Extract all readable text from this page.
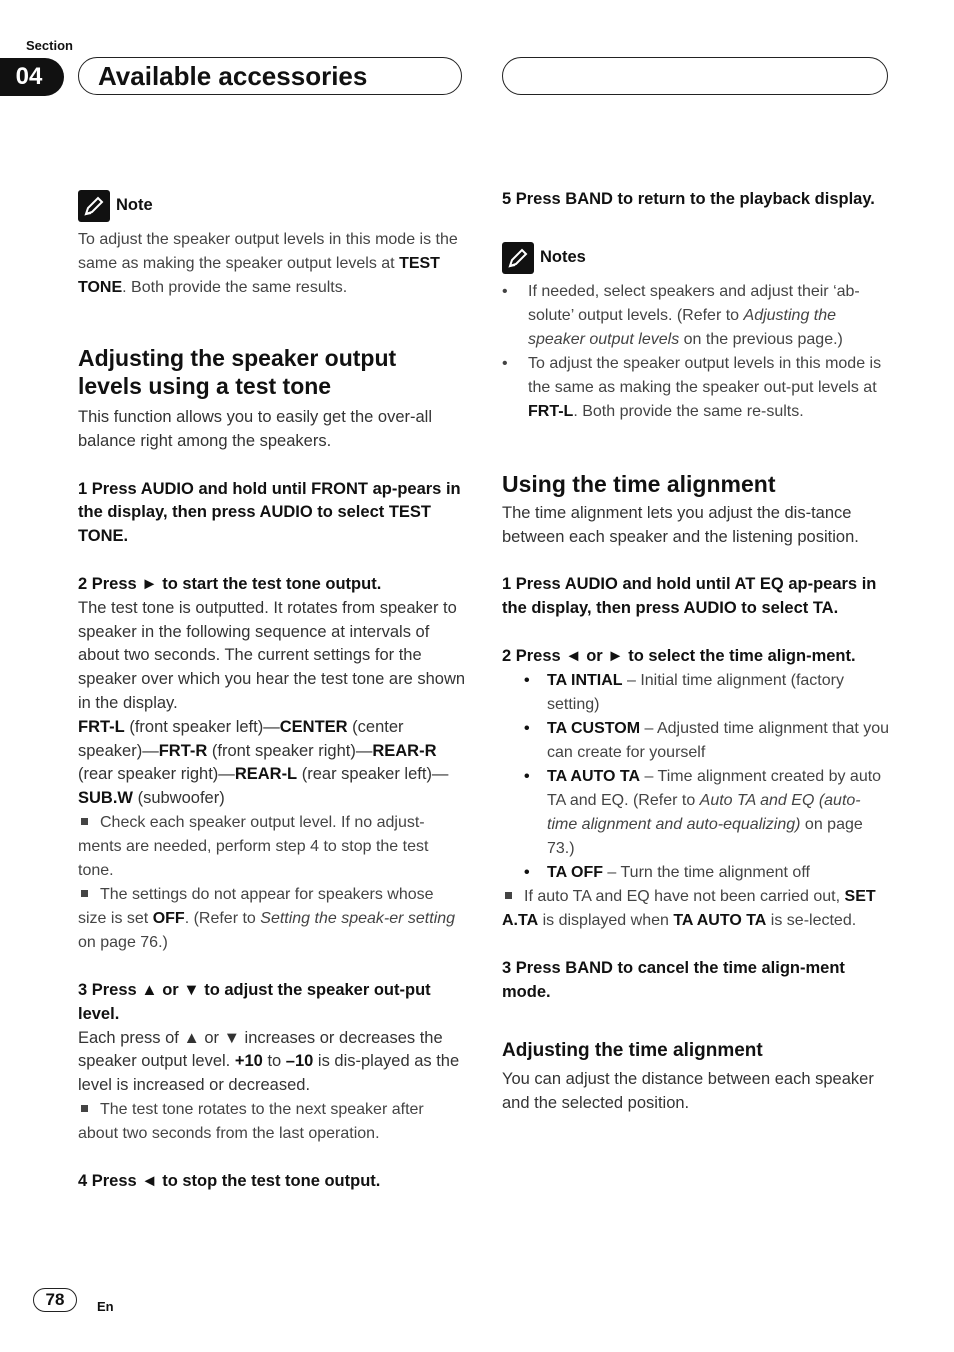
Section
04	Available accessories
Note

To adjust the speaker output levels in this mode is the same as making the speaker output levels at TEST TONE. Both provide the same results.

Adjusting the speaker output levels using a test tone

This function allows you to easily get the over-all balance right among the speakers.

1 Press AUDIO and hold until FRONT ap-pears in the display, then press AUDIO to select TEST TONE.

2 Press ► to start the test tone output.

The test tone is outputted. It rotates from speaker to speaker in the following sequence at intervals of about two seconds. The current settings for the speaker over which you hear the test tone are shown in the display.

FRT-L (front speaker left)—CENTER (center speaker)—FRT-R (front speaker right)—REAR-R (rear speaker right)—REAR-L (rear speaker left)—SUB.W (subwoofer)

Check each speaker output level. If no adjust-ments are needed, perform step 4 to stop the test tone.

The settings do not appear for speakers whose size is set OFF. (Refer to Setting the speak-er setting on page 76.)

3 Press ▲ or ▼ to adjust the speaker out-put level.

Each press of ▲ or ▼ increases or decreases the speaker output level. +10 to –10 is dis-played as the level is increased or decreased.

The test tone rotates to the next speaker after about two seconds from the last operation.

4 Press ◄ to stop the test tone output.

5 Press BAND to return to the playback display.

Notes
• If needed, select speakers and adjust their ‘ab-solute’ output levels. (Refer to Adjusting the speaker output levels on the previous page.)
• To adjust the speaker output levels in this mode is the same as making the speaker out-put levels at FRT-L. Both provide the same re-sults.
Using the time alignment

The time alignment lets you adjust the dis-tance between each speaker and the listening position.

1 Press AUDIO and hold until AT EQ ap-pears in the display, then press AUDIO to select TA.

2 Press ◄ or ► to select the time align-ment.

• TA INTIAL – Initial time alignment (factory setting)
• TA CUSTOM – Adjusted time alignment that you can create for yourself
• TA AUTO TA – Time alignment created by auto TA and EQ. (Refer to Auto TA and EQ (auto-time alignment and auto-equalizing) on page 73.)
• TA OFF – Turn the time alignment off

If auto TA and EQ have not been carried out, SET A.TA is displayed when TA AUTO TA is se-lected.

3 Press BAND to cancel the time align-ment mode.

Adjusting the time alignment

You can adjust the distance between each speaker and the selected position.

78	En
